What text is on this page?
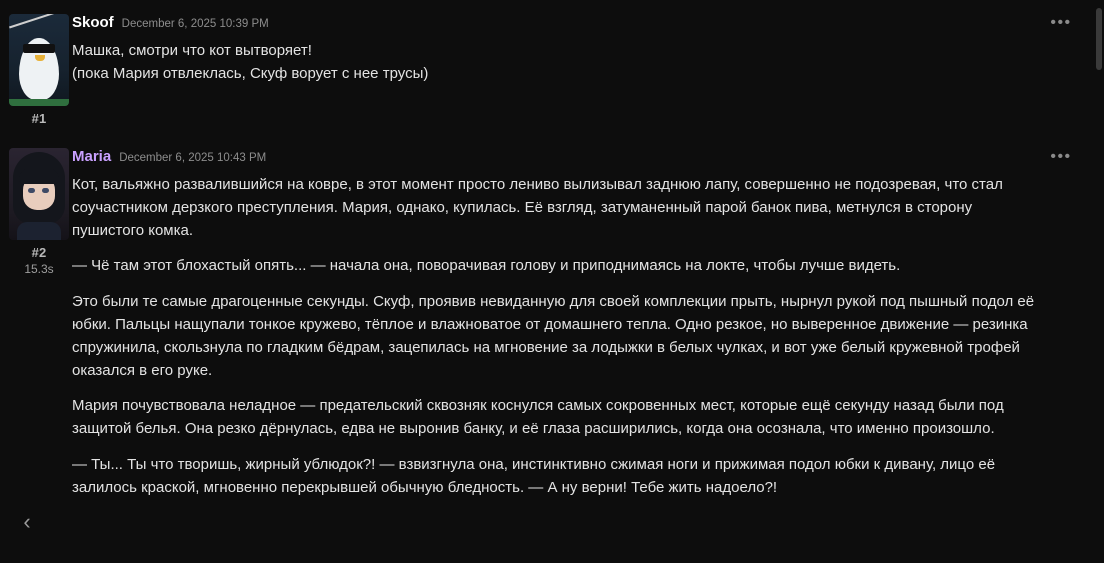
#1
Skoof December 6, 2025 10:39 PM

Машка, смотри что кот вытворяет!

(пока Мария отвлеклась, Скуф ворует с нее трусы)

•••
#2
15.3s
Maria December 6, 2025 10:43 PM

Кот, вальяжно развалившийся на ковре, в этот момент просто лениво вылизывал заднюю лапу, совершенно не подозревая, что стал соучастником дерзкого преступления. Мария, однако, купилась. Её взгляд, затуманенный парой банок пива, метнулся в сторону пушистого комка.

— Чё там этот блохастый опять... — начала она, поворачивая голову и приподнимаясь на локте, чтобы лучше видеть.

Это были те самые драгоценные секунды. Скуф, проявив невиданную для своей комплекции прыть, нырнул рукой под пышный подол её юбки. Пальцы нащупали тонкое кружево, тёплое и влажноватое от домашнего тепла. Одно резкое, но выверенное движение — резинка спружинила, скользнула по гладким бёдрам, зацепилась на мгновение за лодыжки в белых чулках, и вот уже белый кружевной трофей оказался в его руке.

Мария почувствовала неладное — предательский сквозняк коснулся самых сокровенных мест, которые ещё секунду назад были под защитой белья. Она резко дёрнулась, едва не выронив банку, и её глаза расширились, когда она осознала, что именно произошло.

— Ты... Ты что творишь, жирный ублюдок?! — взвизгнула она, инстинктивно сжимая ноги и прижимая подол юбки к дивану, лицо её залилось краской, мгновенно перекрывшей обычную бледность. — А ну верни! Тебе жить надоело?!

•••
‹
